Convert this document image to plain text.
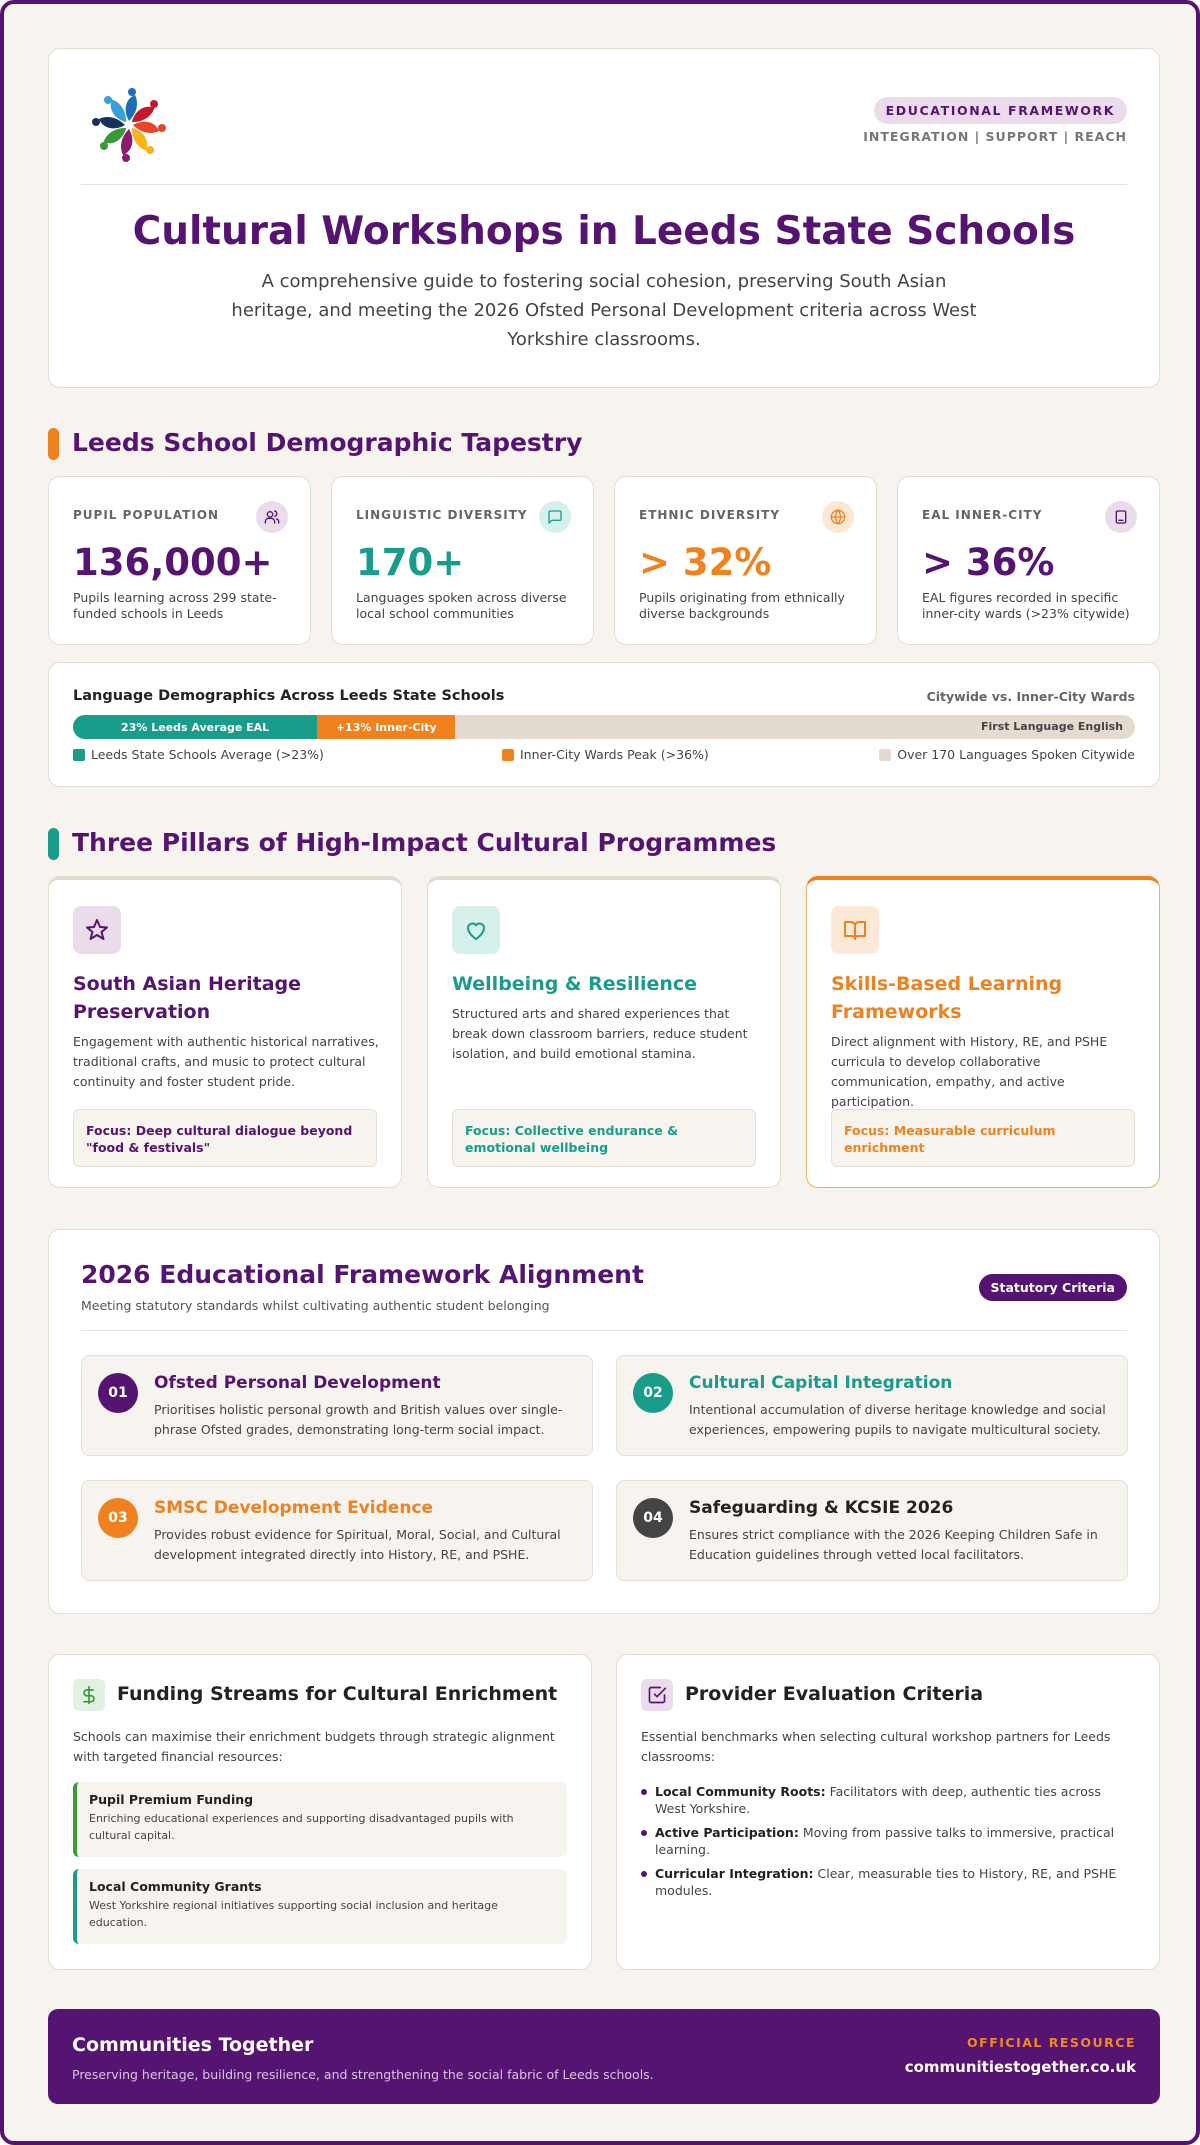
EDUCATIONAL FRAMEWORK
INTEGRATION | SUPPORT | REACH
Cultural Workshops in Leeds State Schools
A comprehensive guide to fostering social cohesion, preserving South Asian heritage, and meeting the 2026 Ofsted Personal Development criteria across West Yorkshire classrooms.
Leeds School Demographic Tapestry
PUPIL POPULATION
136,000+
Pupils learning across 299 state-funded schools in Leeds
LINGUISTIC DIVERSITY
170+
Languages spoken across diverse local school communities
ETHNIC DIVERSITY
> 32%
Pupils originating from ethnically diverse backgrounds
EAL INNER-CITY
> 36%
EAL figures recorded in specific inner-city wards (>23% citywide)
Language Demographics Across Leeds State Schools	Citywide vs. Inner-City Wards
23% Leeds Average EAL	+13% Inner-City	First Language English
Leeds State Schools Average (>23%)	Inner-City Wards Peak (>36%)	Over 170 Languages Spoken Citywide
Three Pillars of High-Impact Cultural Programmes
South Asian Heritage Preservation
Engagement with authentic historical narratives, traditional crafts, and music to protect cultural continuity and foster student pride.
Focus: Deep cultural dialogue beyond "food & festivals"
Wellbeing & Resilience
Structured arts and shared experiences that break down classroom barriers, reduce student isolation, and build emotional stamina.
Focus: Collective endurance & emotional wellbeing
Skills-Based Learning Frameworks
Direct alignment with History, RE, and PSHE curricula to develop collaborative communication, empathy, and active participation.
Focus: Measurable curriculum enrichment
2026 Educational Framework Alignment
Meeting statutory standards whilst cultivating authentic student belonging
Statutory Criteria
01	Ofsted Personal Development
Prioritises holistic personal growth and British values over single-phrase Ofsted grades, demonstrating long-term social impact.
02	Cultural Capital Integration
Intentional accumulation of diverse heritage knowledge and social experiences, empowering pupils to navigate multicultural society.
03	SMSC Development Evidence
Provides robust evidence for Spiritual, Moral, Social, and Cultural development integrated directly into History, RE, and PSHE.
04	Safeguarding & KCSIE 2026
Ensures strict compliance with the 2026 Keeping Children Safe in Education guidelines through vetted local facilitators.
Funding Streams for Cultural Enrichment
Schools can maximise their enrichment budgets through strategic alignment with targeted financial resources:
Pupil Premium Funding
Enriching educational experiences and supporting disadvantaged pupils with cultural capital.
Local Community Grants
West Yorkshire regional initiatives supporting social inclusion and heritage education.
Provider Evaluation Criteria
Essential benchmarks when selecting cultural workshop partners for Leeds classrooms:
Local Community Roots: Facilitators with deep, authentic ties across West Yorkshire.
Active Participation: Moving from passive talks to immersive, practical learning.
Curricular Integration: Clear, measurable ties to History, RE, and PSHE modules.
Communities Together
Preserving heritage, building resilience, and strengthening the social fabric of Leeds schools.
OFFICIAL RESOURCE
communitiestogether.co.uk
